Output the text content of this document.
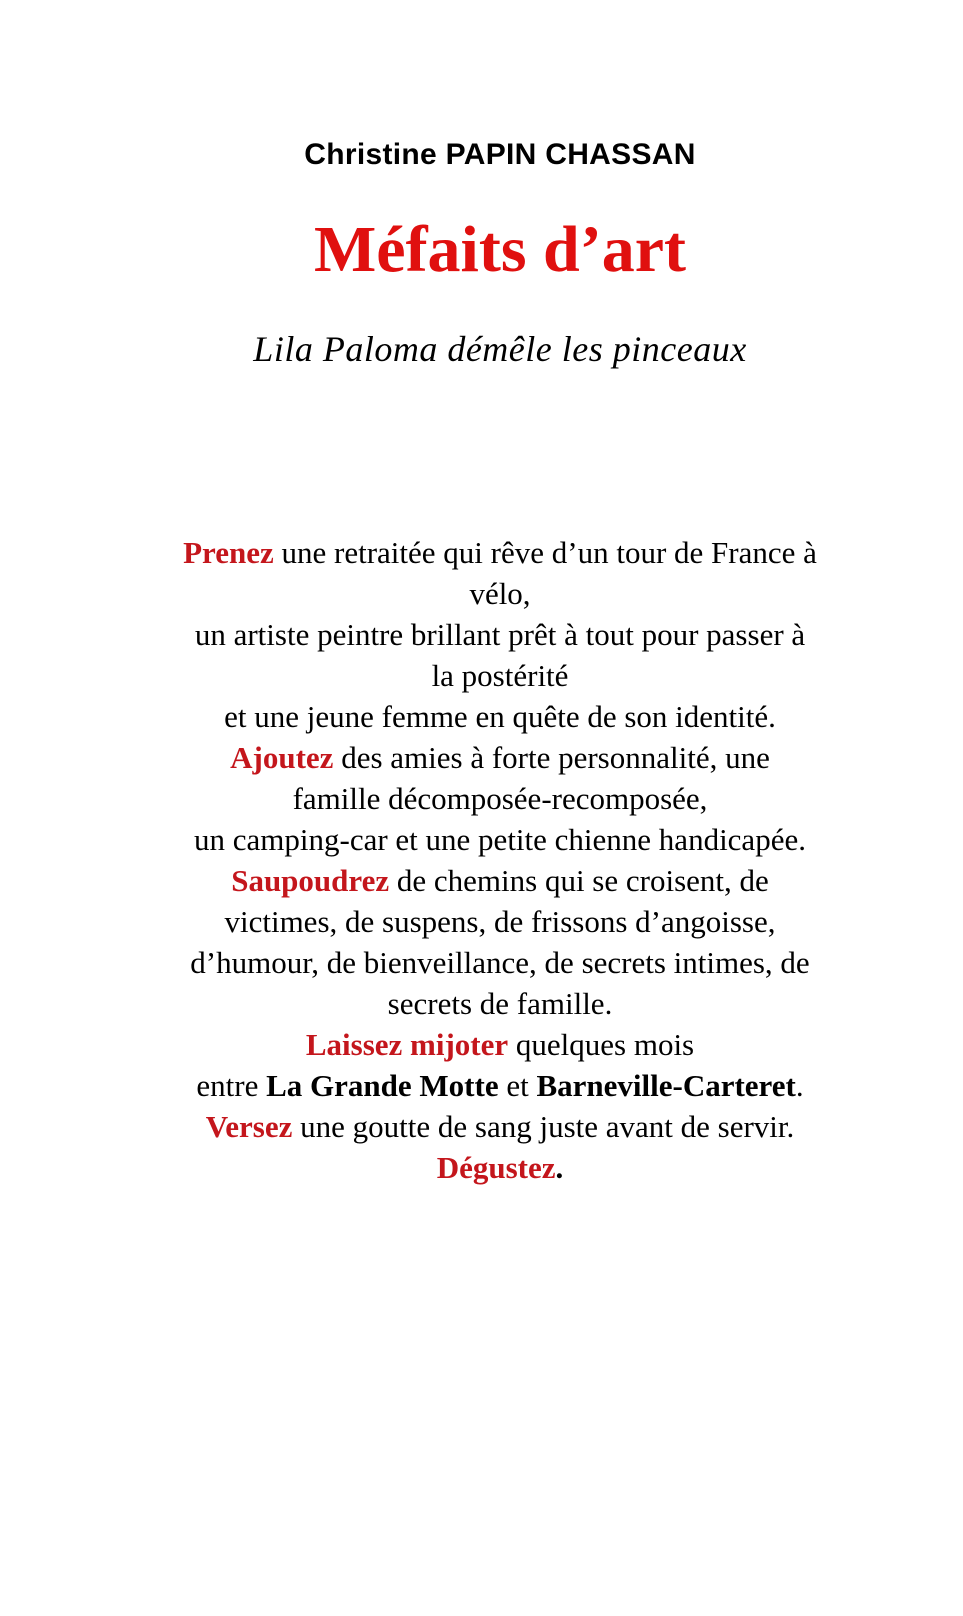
Christine PAPIN CHASSAN
Méfaits d’art
Lila Paloma démêle les pinceaux
Prenez une retraitée qui rêve d’un tour de France à
vélo,
un artiste peintre brillant prêt à tout pour passer à
la postérité
et une jeune femme en quête de son identité.
Ajoutez des amies à forte personnalité, une
famille décomposée-recomposée,
un camping-car et une petite chienne handicapée.
Saupoudrez de chemins qui se croisent, de
victimes, de suspens, de frissons d’angoisse,
d’humour, de bienveillance, de secrets intimes, de
secrets de famille.
Laissez mijoter quelques mois
entre La Grande Motte et Barneville-Carteret.
Versez une goutte de sang juste avant de servir.
Dégustez.
